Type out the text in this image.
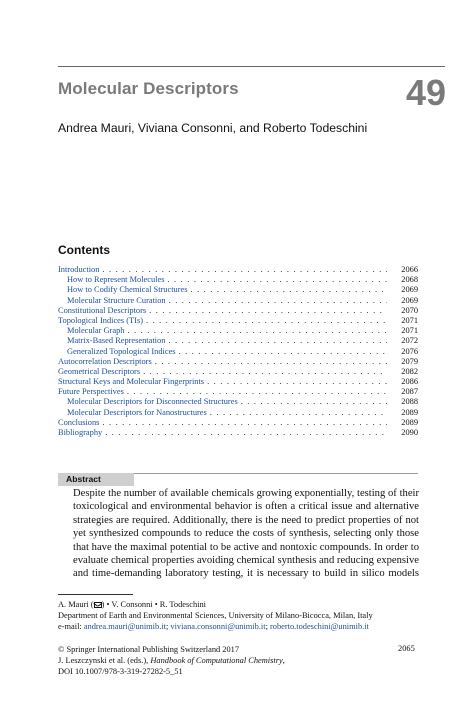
Molecular Descriptors	49
Andrea Mauri, Viviana Consonni, and Roberto Todeschini
Contents
Introduction . . .	2066
How to Represent Molecules . . .	2068
How to Codify Chemical Structures . . .	2069
Molecular Structure Curation . . .	2069
Constitutional Descriptors . . .	2070
Topological Indices (TIs) . . .	2071
Molecular Graph . . .	2071
Matrix-Based Representation . . .	2072
Generalized Topological Indices . . .	2076
Autocorrelation Descriptors . . .	2079
Geometrical Descriptors . . .	2082
Structural Keys and Molecular Fingerprints . . .	2086
Future Perspectives . . .	2087
Molecular Descriptors for Disconnected Structures . . .	2088
Molecular Descriptors for Nanostructures . . .	2089
Conclusions . . .	2089
Bibliography . . .	2090
Abstract
Despite the number of available chemicals growing exponentially, testing of their
toxicological and environmental behavior is often a critical issue and alternative
strategies are required. Additionally, there is the need to predict properties of not
yet synthesized compounds to reduce the costs of synthesis, selecting only those
that have the maximal potential to be active and nontoxic compounds. In order to
evaluate chemical properties avoiding chemical synthesis and reducing expensive
and time-demanding laboratory testing, it is necessary to build in silico models
A. Mauri ( ) • V. Consonni • R. Todeschini
Department of Earth and Environmental Sciences, University of Milano-Bicocca, Milan, Italy
e-mail: andrea.mauri@unimib.it; viviana.consonni@unimib.it; roberto.todeschini@unimib.it
© Springer International Publishing Switzerland 2017
J. Leszczynski et al. (eds.), Handbook of Computational Chemistry,
DOI 10.1007/978-3-319-27282-5_51
2065
